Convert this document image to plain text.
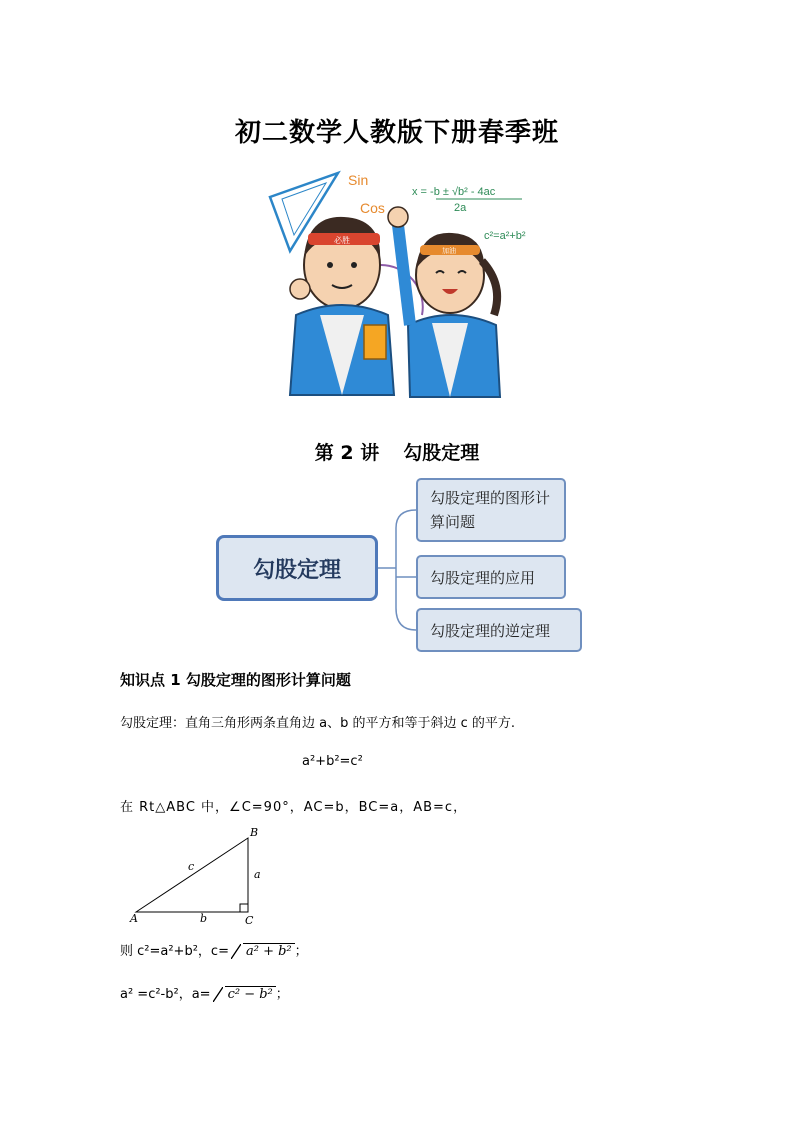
初二数学人教版下册春季班
Sin
Cos
x = -b ± √b² - 4ac
2a
c²=a²+b²
必胜
加油
第 2 讲 勾股定理
勾股定理
勾股定理的图形计算问题
勾股定理的应用
勾股定理的逆定理
知识点 1 勾股定理的图形计算问题
勾股定理：直角三角形两条直角边 a、b 的平方和等于斜边 c 的平方.
a²+b²=c²
在 Rt△ABC 中，∠C=90°，AC=b，BC=a，AB=c，
A
B
C
a
b
c
则 c²=a²+b²，c= a² + b² ；
a² =c²-b²，a= c² − b² ；
